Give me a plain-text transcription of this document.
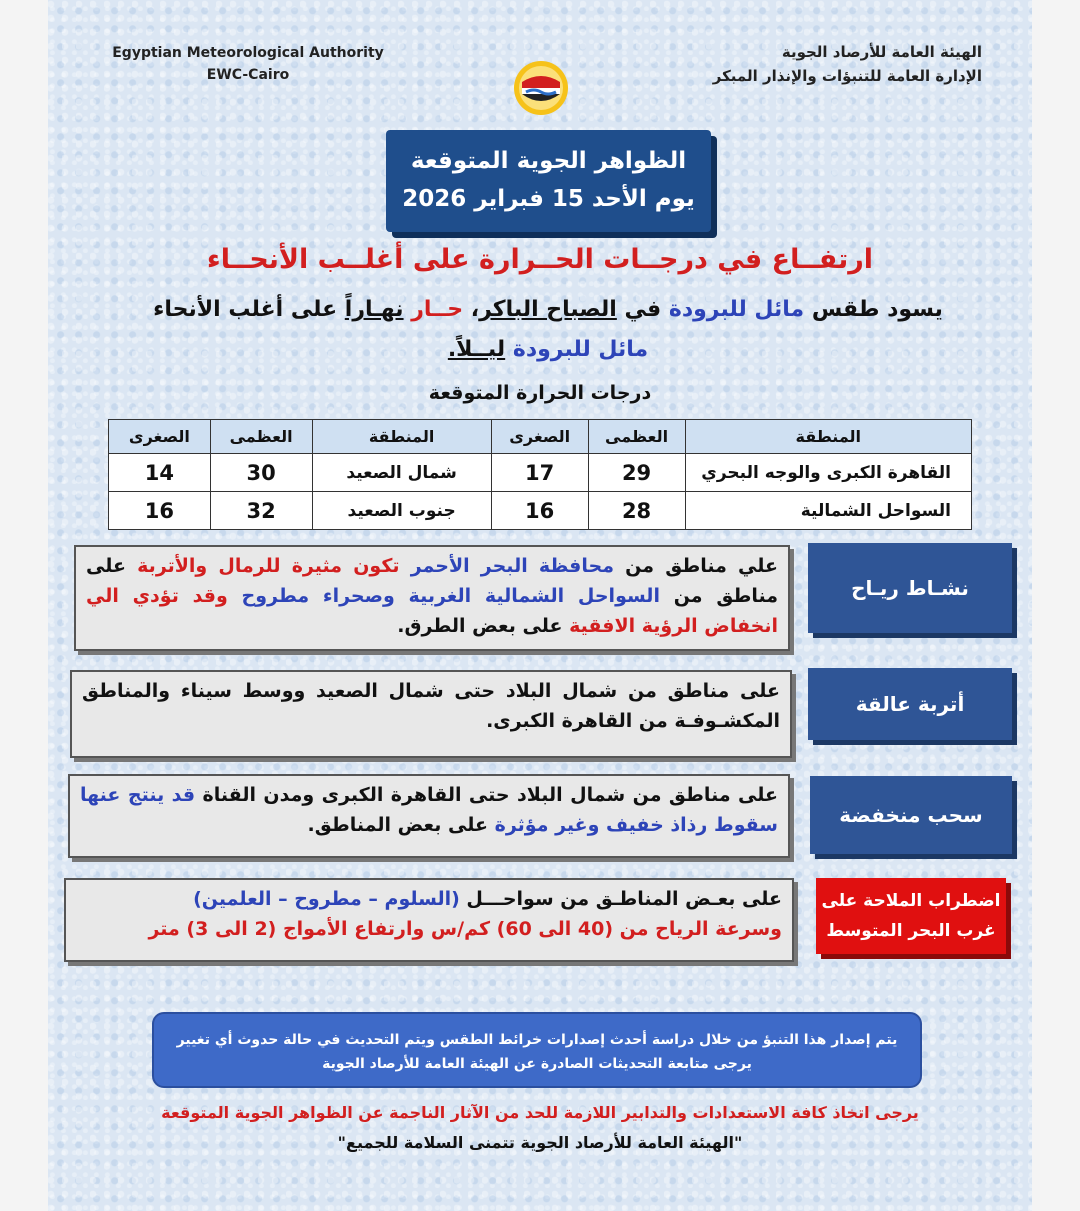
Egyptian Meteorological Authority
EWC-Cairo
الهيئة العامة للأرصاد الجوية
الإدارة العامة للتنبؤات والإنذار المبكر
الظواهر الجوية المتوقعة
يوم الأحد 15 فبراير 2026
ارتفــاع في درجــات الحــرارة على أغلــب الأنحــاء
يسود طقس مائل للبرودة في الصباح الباكر، حــار نهـاراً على أغلب الأنحاء
مائل للبرودة ليــلاً.
درجات الحرارة المتوقعة
المنطقة	العظمى	الصغرى	المنطقة	العظمى	الصغرى
القاهرة الكبرى والوجه البحري	29	17	شمال الصعيد	30	14
السواحل الشمالية	28	16	جنوب الصعيد	32	16
علي مناطق من محافظة البحر الأحمر تكون مثيرة للرمال والأتربة على مناطق من السواحل الشمالية الغربية وصحراء مطروح وقد تؤدي الي انخفاض الرؤية الافقية على بعض الطرق.
نشـاط ريـاح
على مناطق من شمال البلاد حتى شمال الصعيد ووسط سيناء والمناطق المكشـوفـة من القاهرة الكبرى.
أتربة عالقة
على مناطق من شمال البلاد حتى القاهرة الكبرى ومدن القناة قد ينتج عنها سقوط رذاذ خفيف وغير مؤثرة على بعض المناطق.	سحب منخفضة
على بعـض المناطـق من سواحـــل (السلوم – مطروح – العلمين)
وسرعة الرياح من (40 الى 60) كم/س وارتفاع الأمواج (2 الى 3) متر
اضطراب الملاحة على غرب البحر المتوسط
يتم إصدار هذا التنبؤ من خلال دراسة أحدث إصدارات خرائط الطقس ويتم التحديث في حالة حدوث أي تغيير
يرجى متابعة التحديثات الصادرة عن الهيئة العامة للأرصاد الجوية
يرجى اتخاذ كافة الاستعدادات والتدابير اللازمة للحد من الآثار الناجمة عن الظواهر الجوية المتوقعة
"الهيئة العامة للأرصاد الجوية تتمنى السلامة للجميع"
